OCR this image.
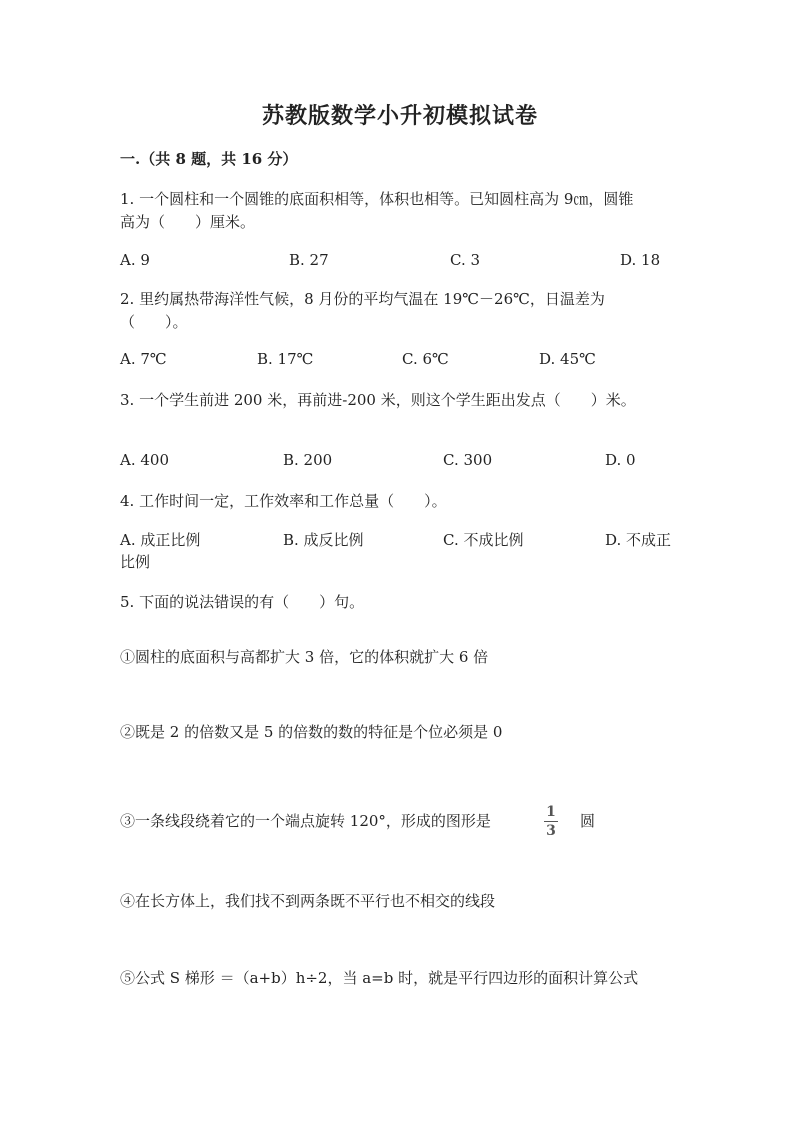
苏教版数学小升初模拟试卷
一.（共 8 题，共 16 分）
1. 一个圆柱和一个圆锥的底面积相等，体积也相等。已知圆柱高为 9㎝，圆锥
高为（　　）厘米。
A. 9	B. 27	C. 3	D. 18
2. 里约属热带海洋性气候，8 月份的平均气温在 19℃－26℃，日温差为
（　　）。
A. 7℃	B. 17℃	C. 6℃	D. 45℃
3. 一个学生前进 200 米，再前进-200 米，则这个学生距出发点（　　）米。
A. 400	B. 200	C. 300	D. 0
4. 工作时间一定，工作效率和工作总量（　　）。
A. 成正比例	B. 成反比例	C. 不成比例	D. 不成正
比例
5. 下面的说法错误的有（　　）句。
①圆柱的底面积与高都扩大 3 倍，它的体积就扩大 6 倍
②既是 2 的倍数又是 5 的倍数的数的特征是个位必须是 0
③一条线段绕着它的一个端点旋转 120°，形成的图形是	1
3
圆
④在长方体上，我们找不到两条既不平行也不相交的线段
⑤公式 S 梯形 ＝（a+b）h÷2，当 a=b 时，就是平行四边形的面积计算公式
